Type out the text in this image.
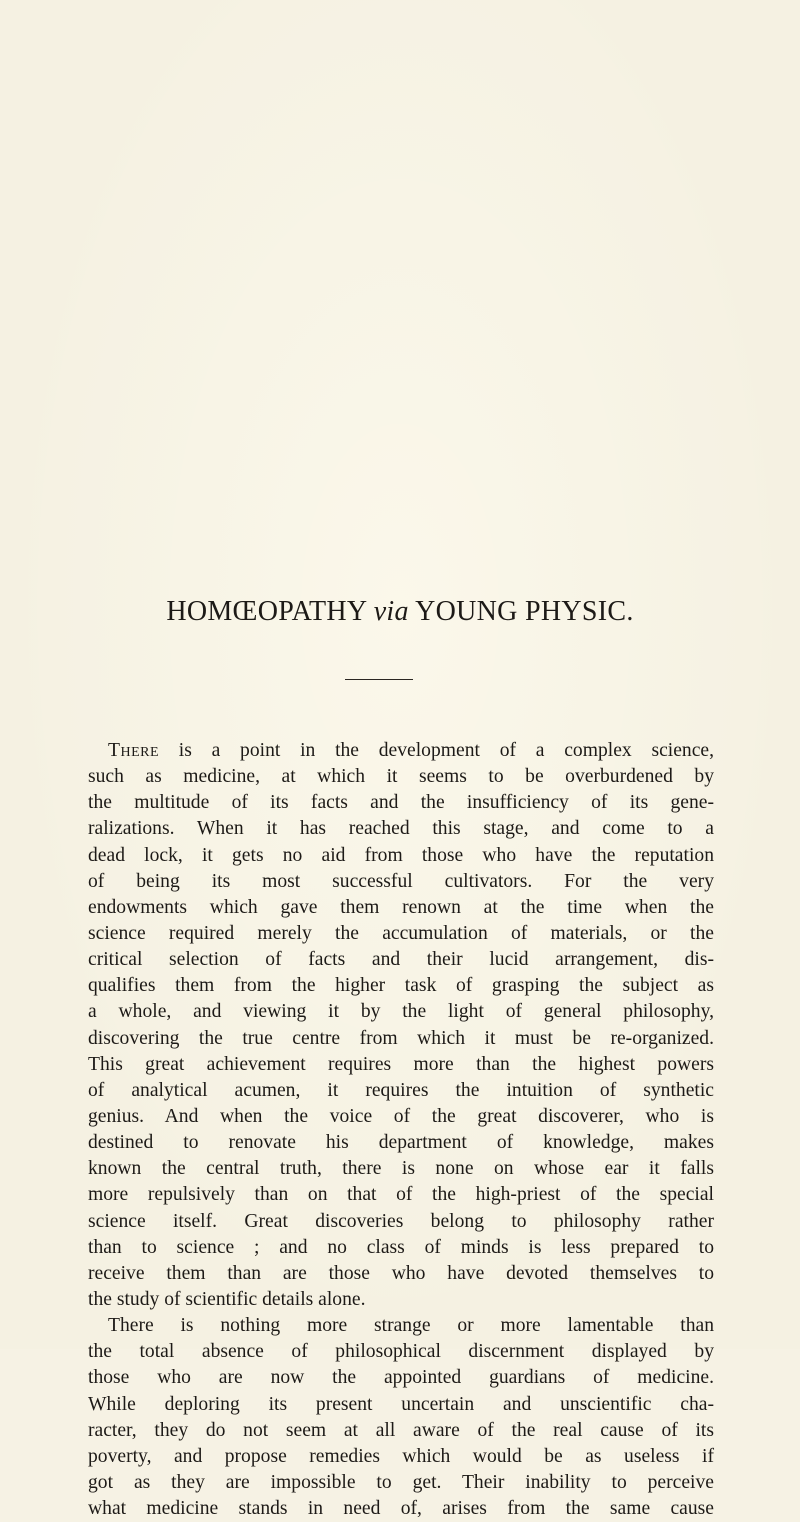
HOMŒOPATHY via YOUNG PHYSIC.
There is a point in the development of a complex science,
such as medicine, at which it seems to be overburdened by
the multitude of its facts and the insufficiency of its gene-
ralizations. When it has reached this stage, and come to a
dead lock, it gets no aid from those who have the reputation
of being its most successful cultivators. For the very
endowments which gave them renown at the time when the
science required merely the accumulation of materials, or the
critical selection of facts and their lucid arrangement, dis-
qualifies them from the higher task of grasping the subject as
a whole, and viewing it by the light of general philosophy,
discovering the true centre from which it must be re-organized.
This great achievement requires more than the highest powers
of analytical acumen, it requires the intuition of synthetic
genius. And when the voice of the great discoverer, who is
destined to renovate his department of knowledge, makes
known the central truth, there is none on whose ear it falls
more repulsively than on that of the high-priest of the special
science itself. Great discoveries belong to philosophy rather
than to science ; and no class of minds is less prepared to
receive them than are those who have devoted themselves to
the study of scientific details alone.
There is nothing more strange or more lamentable than
the total absence of philosophical discernment displayed by
those who are now the appointed guardians of medicine.
While deploring its present uncertain and unscientific cha-
racter, they do not seem at all aware of the real cause of its
poverty, and propose remedies which would be as useless if
got as they are impossible to get. Their inability to perceive
what medicine stands in need of, arises from the same cause
